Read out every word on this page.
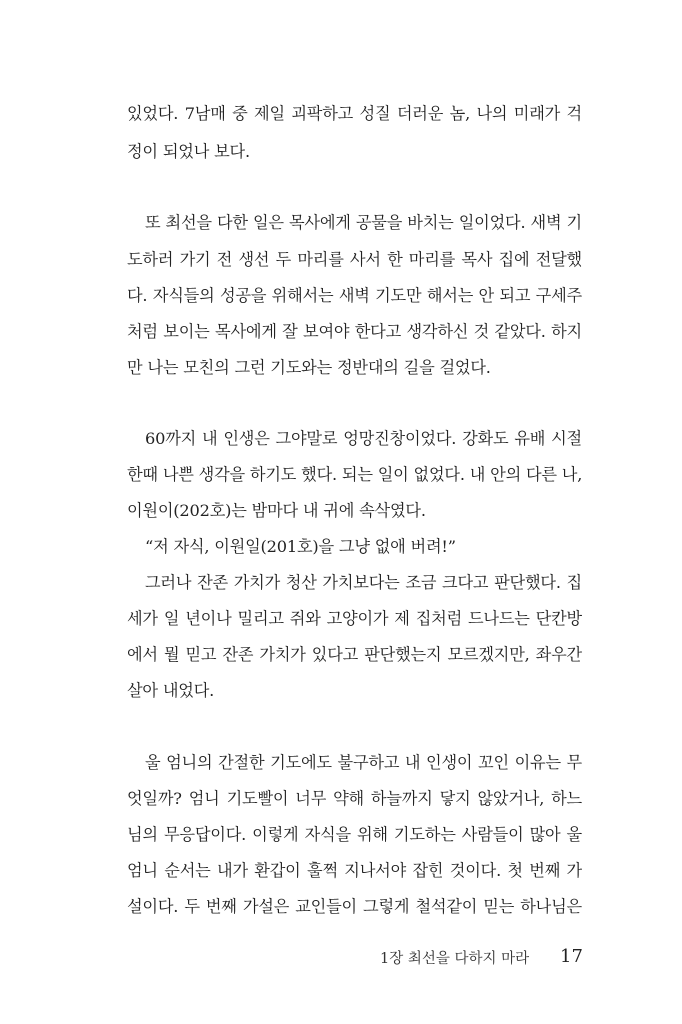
있었다. 7남매 중 제일 괴팍하고 성질 더러운 놈, 나의 미래가 걱
정이 되었나 보다.
또 최선을 다한 일은 목사에게 공물을 바치는 일이었다. 새벽 기
도하러 가기 전 생선 두 마리를 사서 한 마리를 목사 집에 전달했
다. 자식들의 성공을 위해서는 새벽 기도만 해서는 안 되고 구세주
처럼 보이는 목사에게 잘 보여야 한다고 생각하신 것 같았다. 하지
만 나는 모친의 그런 기도와는 정반대의 길을 걸었다.
60까지 내 인생은 그야말로 엉망진창이었다. 강화도 유배 시절
한때 나쁜 생각을 하기도 했다. 되는 일이 없었다. 내 안의 다른 나,
이원이(202호)는 밤마다 내 귀에 속삭였다.
“저 자식, 이원일(201호)을 그냥 없애 버려!”
그러나 잔존 가치가 청산 가치보다는 조금 크다고 판단했다. 집
세가 일 년이나 밀리고 쥐와 고양이가 제 집처럼 드나드는 단칸방
에서 뭘 믿고 잔존 가치가 있다고 판단했는지 모르겠지만, 좌우간
살아 내었다.
울 엄니의 간절한 기도에도 불구하고 내 인생이 꼬인 이유는 무
엇일까? 엄니 기도빨이 너무 약해 하늘까지 닿지 않았거나, 하느
님의 무응답이다. 이렇게 자식을 위해 기도하는 사람들이 많아 울
엄니 순서는 내가 환갑이 훌쩍 지나서야 잡힌 것이다. 첫 번째 가
설이다. 두 번째 가설은 교인들이 그렇게 철석같이 믿는 하나님은
1장 최선을 다하지 마라 17
